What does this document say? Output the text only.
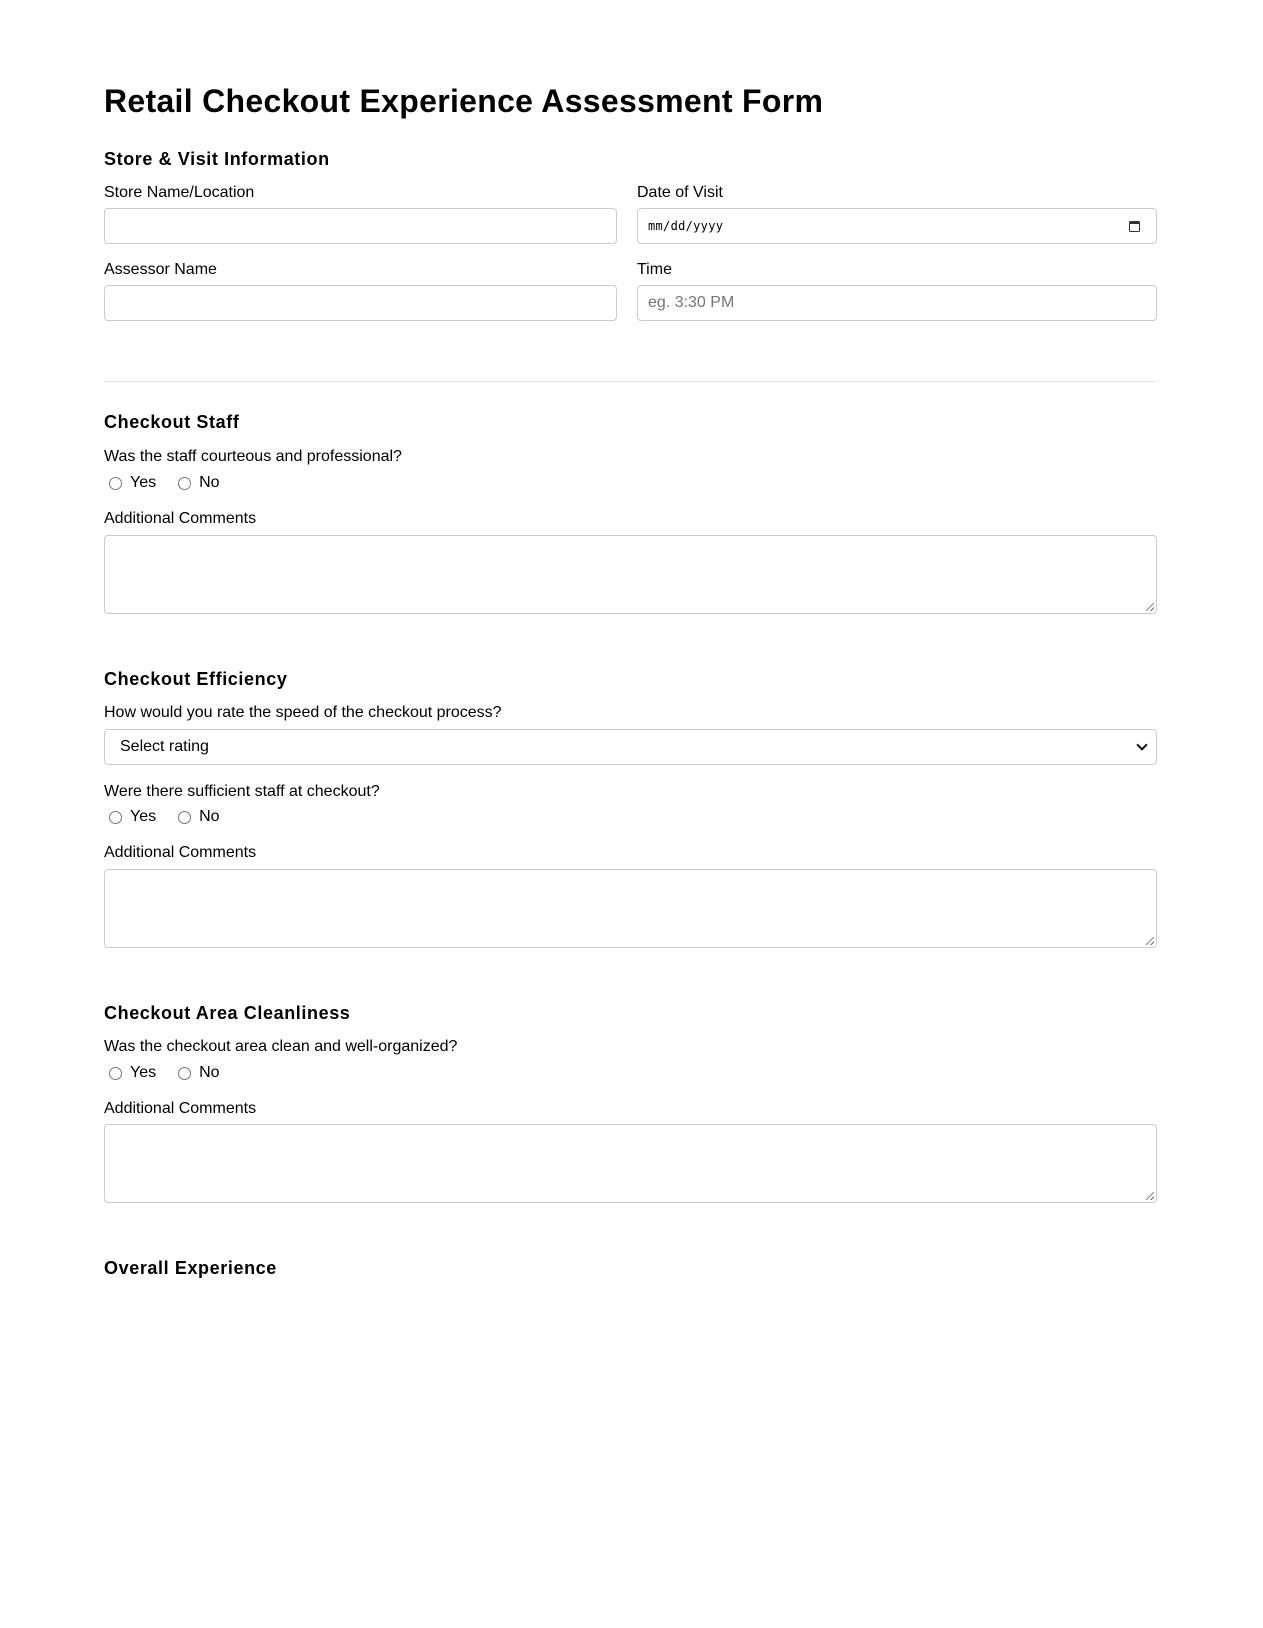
Retail Checkout Experience Assessment Form
Store & Visit Information
Store Name/Location	Date of Visit
mm/dd/yyyy
Assessor Name	Time
eg. 3:30 PM
Checkout Staff
Was the staff courteous and professional?
Yes	No
Additional Comments
Checkout Efficiency
How would you rate the speed of the checkout process?
Select rating
Were there sufficient staff at checkout?
Yes	No
Additional Comments
Checkout Area Cleanliness
Was the checkout area clean and well-organized?
Yes	No
Additional Comments
Overall Experience
